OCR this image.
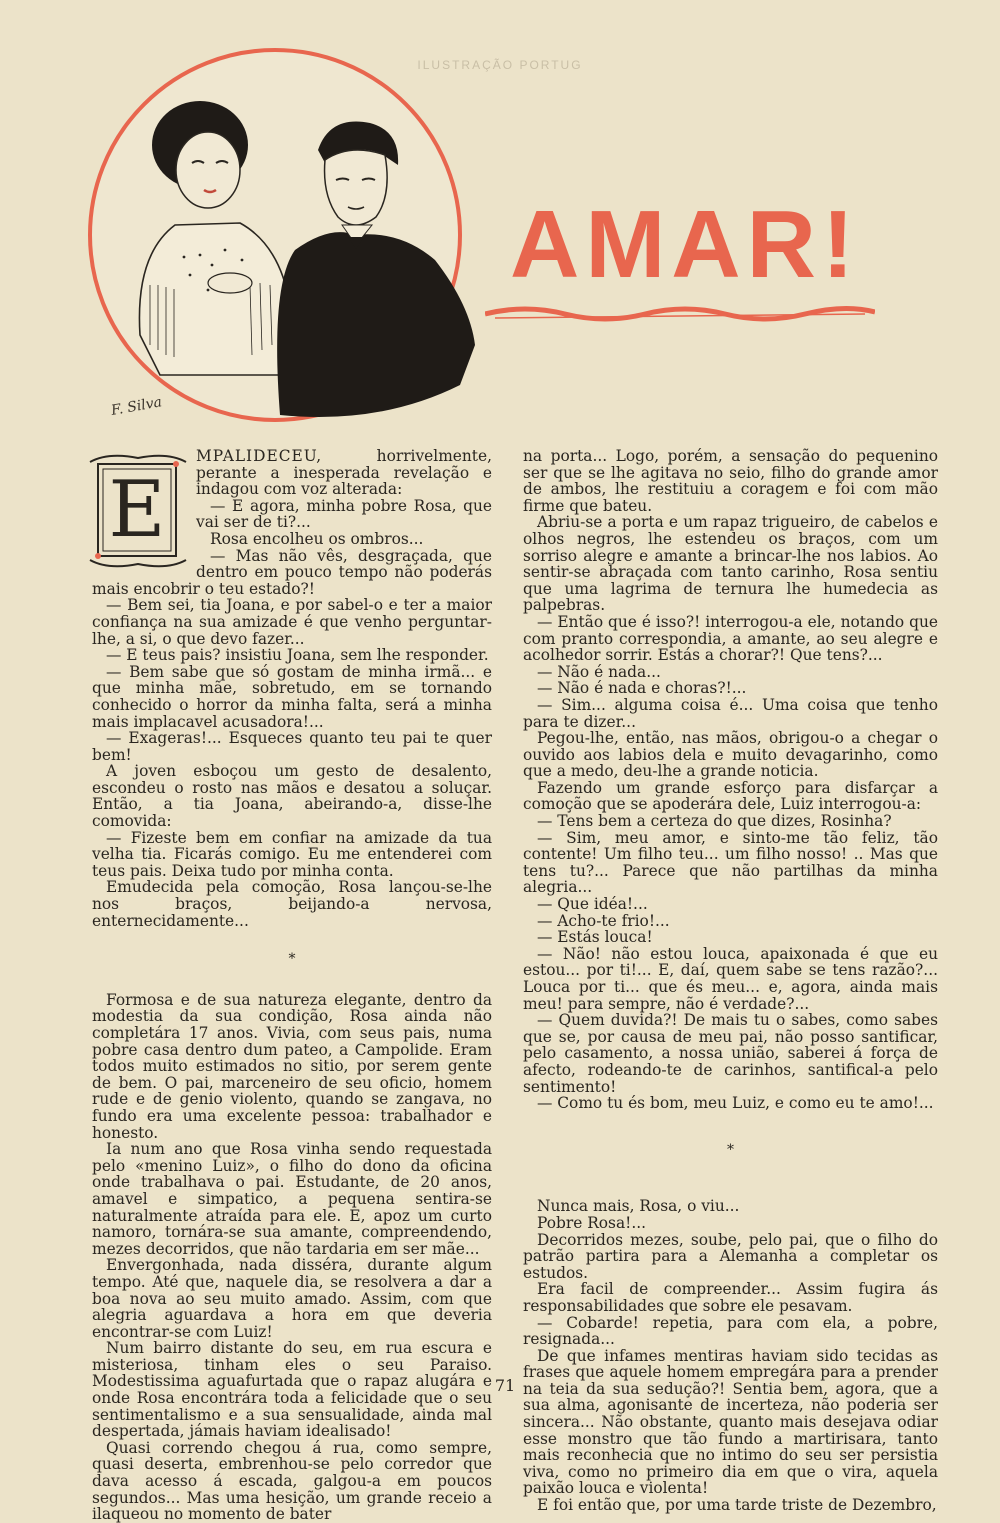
ILUSTRAÇÃO PORTUG
F. Silva
AMAR!
E

MPALIDECEU, horrivelmente, perante a inesperada revelação e indagou com voz alterada:

— E agora, minha pobre Rosa, que vai ser de ti?...

Rosa encolheu os ombros...

— Mas não vês, desgraçada, que dentro em pouco tempo não poderás mais encobrir o teu estado?!

— Bem sei, tia Joana, e por sabel-o e ter a maior confiança na sua amizade é que venho perguntar-lhe, a si, o que devo fazer...

— E teus pais? insistiu Joana, sem lhe responder.

— Bem sabe que só gostam de minha irmã... e que minha mãe, sobretudo, em se tornando conhecido o horror da minha falta, será a minha mais implacavel acusadora!...

— Exageras!... Esqueces quanto teu pai te quer bem!

A joven esboçou um gesto de desalento, escondeu o rosto nas mãos e desatou a soluçar. Então, a tia Joana, abeirando-a, disse-lhe comovida:

— Fizeste bem em confiar na amizade da tua velha tia. Ficarás comigo. Eu me entenderei com teus pais. Deixa tudo por minha conta.

Emudecida pela comoção, Rosa lançou-se-lhe nos braços, beijando-a nervosa, enternecidamente...

*

Formosa e de sua natureza elegante, dentro da modestia da sua condição, Rosa ainda não completára 17 anos. Vivia, com seus pais, numa pobre casa dentro dum pateo, a Campolide. Eram todos muito estimados no sitio, por serem gente de bem. O pai, marceneiro de seu oficio, homem rude e de genio violento, quando se zangava, no fundo era uma excelente pessoa: trabalhador e honesto.

Ia num ano que Rosa vinha sendo requestada pelo «menino Luiz», o filho do dono da oficina onde trabalhava o pai. Estudante, de 20 anos, amavel e simpatico, a pequena sentira-se naturalmente atraída para ele. E, apoz um curto namoro, tornára-se sua amante, compreendendo, mezes decorridos, que não tardaria em ser mãe...

Envergonhada, nada disséra, durante algum tempo. Até que, naquele dia, se resolvera a dar a boa nova ao seu muito amado. Assim, com que alegria aguardava a hora em que deveria encontrar-se com Luiz!

Num bairro distante do seu, em rua escura e misteriosa, tinham eles o seu Paraiso. Modestissima aguafurtada que o rapaz alugára e onde Rosa encontrára toda a felicidade que o seu sentimentalismo e a sua sensualidade, ainda mal despertada, jámais haviam idealisado!

Quasi correndo chegou á rua, como sempre, quasi deserta, embrenhou-se pelo corredor que dava acesso á escada, galgou-a em poucos segundos... Mas uma hesição, um grande receio a ilaqueou no momento de bater

na porta... Logo, porém, a sensação do pequenino ser que se lhe agitava no seio, filho do grande amor de ambos, lhe restituiu a coragem e foi com mão firme que bateu.

Abriu-se a porta e um rapaz trigueiro, de cabelos e olhos negros, lhe estendeu os braços, com um sorriso alegre e amante a brincar-lhe nos labios. Ao sentir-se abraçada com tanto carinho, Rosa sentiu que uma lagrima de ternura lhe humedecia as palpebras.

— Então que é isso?! interrogou-a ele, notando que com pranto correspondia, a amante, ao seu alegre e acolhedor sorrir. Estás a chorar?! Que tens?...

— Não é nada...

— Não é nada e choras?!...

— Sim... alguma coisa é... Uma coisa que tenho para te dizer...

Pegou-lhe, então, nas mãos, obrigou-o a chegar o ouvido aos labios dela e muito devagarinho, como que a medo, deu-lhe a grande noticia.

Fazendo um grande esforço para disfarçar a comoção que se apoderára dele, Luiz interrogou-a:

— Tens bem a certeza do que dizes, Rosinha?

— Sim, meu amor, e sinto-me tão feliz, tão contente! Um filho teu... um filho nosso! .. Mas que tens tu?... Parece que não partilhas da minha alegria...

— Que idéa!...

— Acho-te frio!...

— Estás louca!

— Não! não estou louca, apaixonada é que eu estou... por ti!... E, daí, quem sabe se tens razão?... Louca por ti... que és meu... e, agora, ainda mais meu! para sempre, não é verdade?...

— Quem duvida?! De mais tu o sabes, como sabes que se, por causa de meu pai, não posso santificar, pelo casamento, a nossa união, saberei á força de afecto, rodeando-te de carinhos, santifical-a pelo sentimento!

— Como tu és bom, meu Luiz, e como eu te amo!...

*

Nunca mais, Rosa, o viu...

Pobre Rosa!...

Decorridos mezes, soube, pelo pai, que o filho do patrão partira para a Alemanha a completar os estudos.

Era facil de compreender... Assim fugira ás responsabilidades que sobre ele pesavam.

— Cobarde! repetia, para com ela, a pobre, resignada...

De que infames mentiras haviam sido tecidas as frases que aquele homem empregára para a prender na teia da sua sedução?! Sentia bem, agora, que a sua alma, agonisante de incerteza, não poderia ser sincera... Não obstante, quanto mais desejava odiar esse monstro que tão fundo a martirisara, tanto mais reconhecia que no intimo do seu ser persistia viva, como no primeiro dia em que o vira, aquela paixão louca e violenta!

E foi então que, por uma tarde triste de Dezembro,

71
